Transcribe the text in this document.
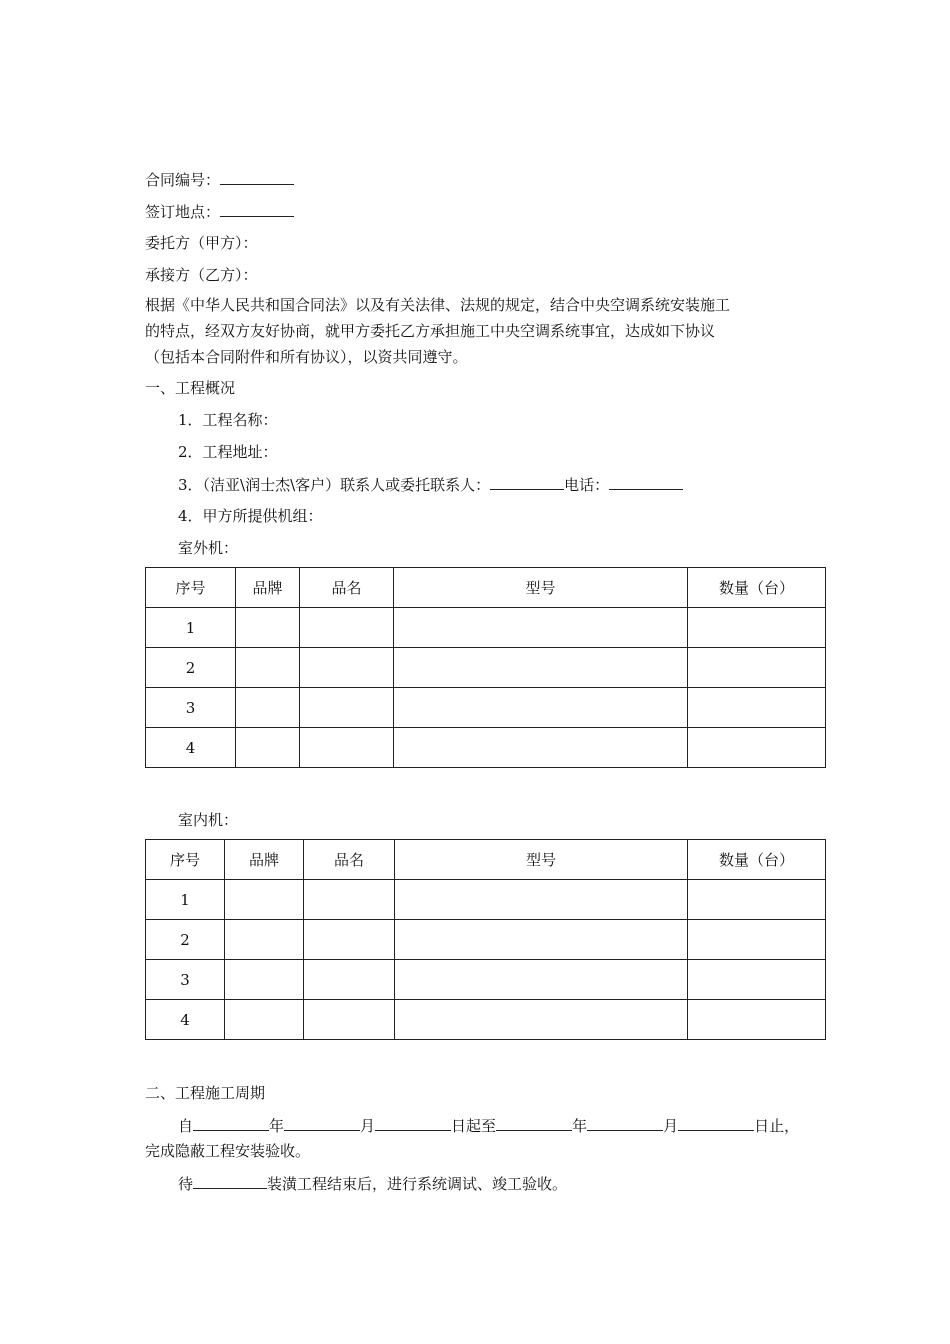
合同编号：
签订地点：
委托方（甲方）：
承接方（乙方）：
根据《中华人民共和国合同法》以及有关法律、法规的规定，结合中央空调系统安装施工
的特点，经双方友好协商，就甲方委托乙方承担施工中央空调系统事宜，达成如下协议
（包括本合同附件和所有协议），以资共同遵守。
一、工程概况
1．工程名称：
2．工程地址：
3．（洁亚\润士杰\客户）联系人或委托联系人：	电话：
4．甲方所提供机组：
室外机：
序号	品牌	品名	型号	数量（台）
1				
2				
3				
4				
室内机：
序号	品牌	品名	型号	数量（台）
1				
2				
3				
4				
二、工程施工周期
自	年	月	日起至	年	月	日止，
完成隐蔽工程安装验收。
待	装潢工程结束后，进行系统调试、竣工验收。
